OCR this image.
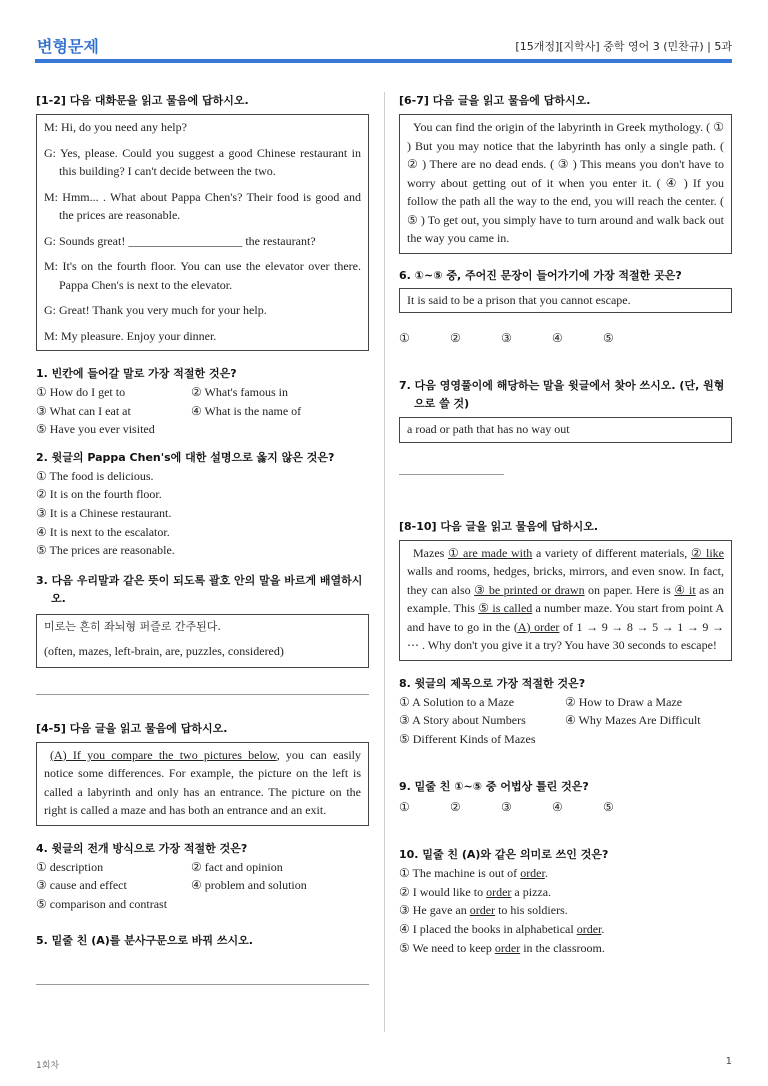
변형문제	[15개정][지학사] 중학 영어 3 (민찬규) | 5과
[1-2] 다음 대화문을 읽고 물음에 답하시오.

M: Hi, do you need any help?

G: Yes, please. Could you suggest a good Chinese restaurant in this building? I can't decide between the two.

M: Hmm... . What about Pappa Chen's? Their food is good and the prices are reasonable.

G: Sounds great! ___________________ the restaurant?

M: It's on the fourth floor. You can use the elevator over there. Pappa Chen's is next to the elevator.

G: Great! Thank you very much for your help.

M: My pleasure. Enjoy your dinner.

1. 빈칸에 들어갈 말로 가장 적절한 것은?
① How do I get to	② What's famous in
③ What can I eat at	④ What is the name of
⑤ Have you ever visited
2. 윗글의 Pappa Chen's에 대한 설명으로 옳지 않은 것은?
① The food is delicious.
② It is on the fourth floor.
③ It is a Chinese restaurant.
④ It is next to the escalator.
⑤ The prices are reasonable.
3. 다음 우리말과 같은 뜻이 되도록 괄호 안의 말을 바르게 배열하시오.
미로는 흔히 좌뇌형 퍼즐로 간주된다.
(often, mazes, left-brain, are, puzzles, considered)
[4-5] 다음 글을 읽고 물음에 답하시오.
(A) If you compare the two pictures below, you can easily notice some differences. For example, the picture on the left is called a labyrinth and only has an entrance. The picture on the right is called a maze and has both an entrance and an exit.
4. 윗글의 전개 방식으로 가장 적절한 것은?
① description	② fact and opinion
③ cause and effect	④ problem and solution
⑤ comparison and contrast
5. 밑줄 친 (A)를 분사구문으로 바꿔 쓰시오.
[6-7] 다음 글을 읽고 물음에 답하시오.
You can find the origin of the labyrinth in Greek mythology. ( ① ) But you may notice that the labyrinth has only a single path. ( ② ) There are no dead ends. ( ③ ) This means you don't have to worry about getting out of it when you enter it. ( ④ ) If you follow the path all the way to the end, you will reach the center. ( ⑤ ) To get out, you simply have to turn around and walk back out the way you came in.
6. ①~⑤ 중, 주어진 문장이 들어가기에 가장 적절한 곳은?
It is said to be a prison that you cannot escape.
①	②	③	④	⑤
7. 다음 영영풀이에 해당하는 말을 윗글에서 찾아 쓰시오. (단, 원형으로 쓸 것)
a road or path that has no way out
[8-10] 다음 글을 읽고 물음에 답하시오.
Mazes ① are made with a variety of different materials, ② like walls and rooms, hedges, bricks, mirrors, and even snow. In fact, they can also ③ be printed or drawn on paper. Here is ④ it as an example. This ⑤ is called a number maze. You start from point A and have to go in the (A) order of 1 → 9 → 8 → 5 → 1 → 9 → ⋯ . Why don't you give it a try? You have 30 seconds to escape!
8. 윗글의 제목으로 가장 적절한 것은?
① A Solution to a Maze	② How to Draw a Maze
③ A Story about Numbers	④ Why Mazes Are Difficult
⑤ Different Kinds of Mazes
9. 밑줄 친 ①~⑤ 중 어법상 틀린 것은?
①	②	③	④	⑤
10. 밑줄 친 (A)와 같은 의미로 쓰인 것은?
① The machine is out of order.
② I would like to order a pizza.
③ He gave an order to his soldiers.
④ I placed the books in alphabetical order.
⑤ We need to keep order in the classroom.
1회차	1
